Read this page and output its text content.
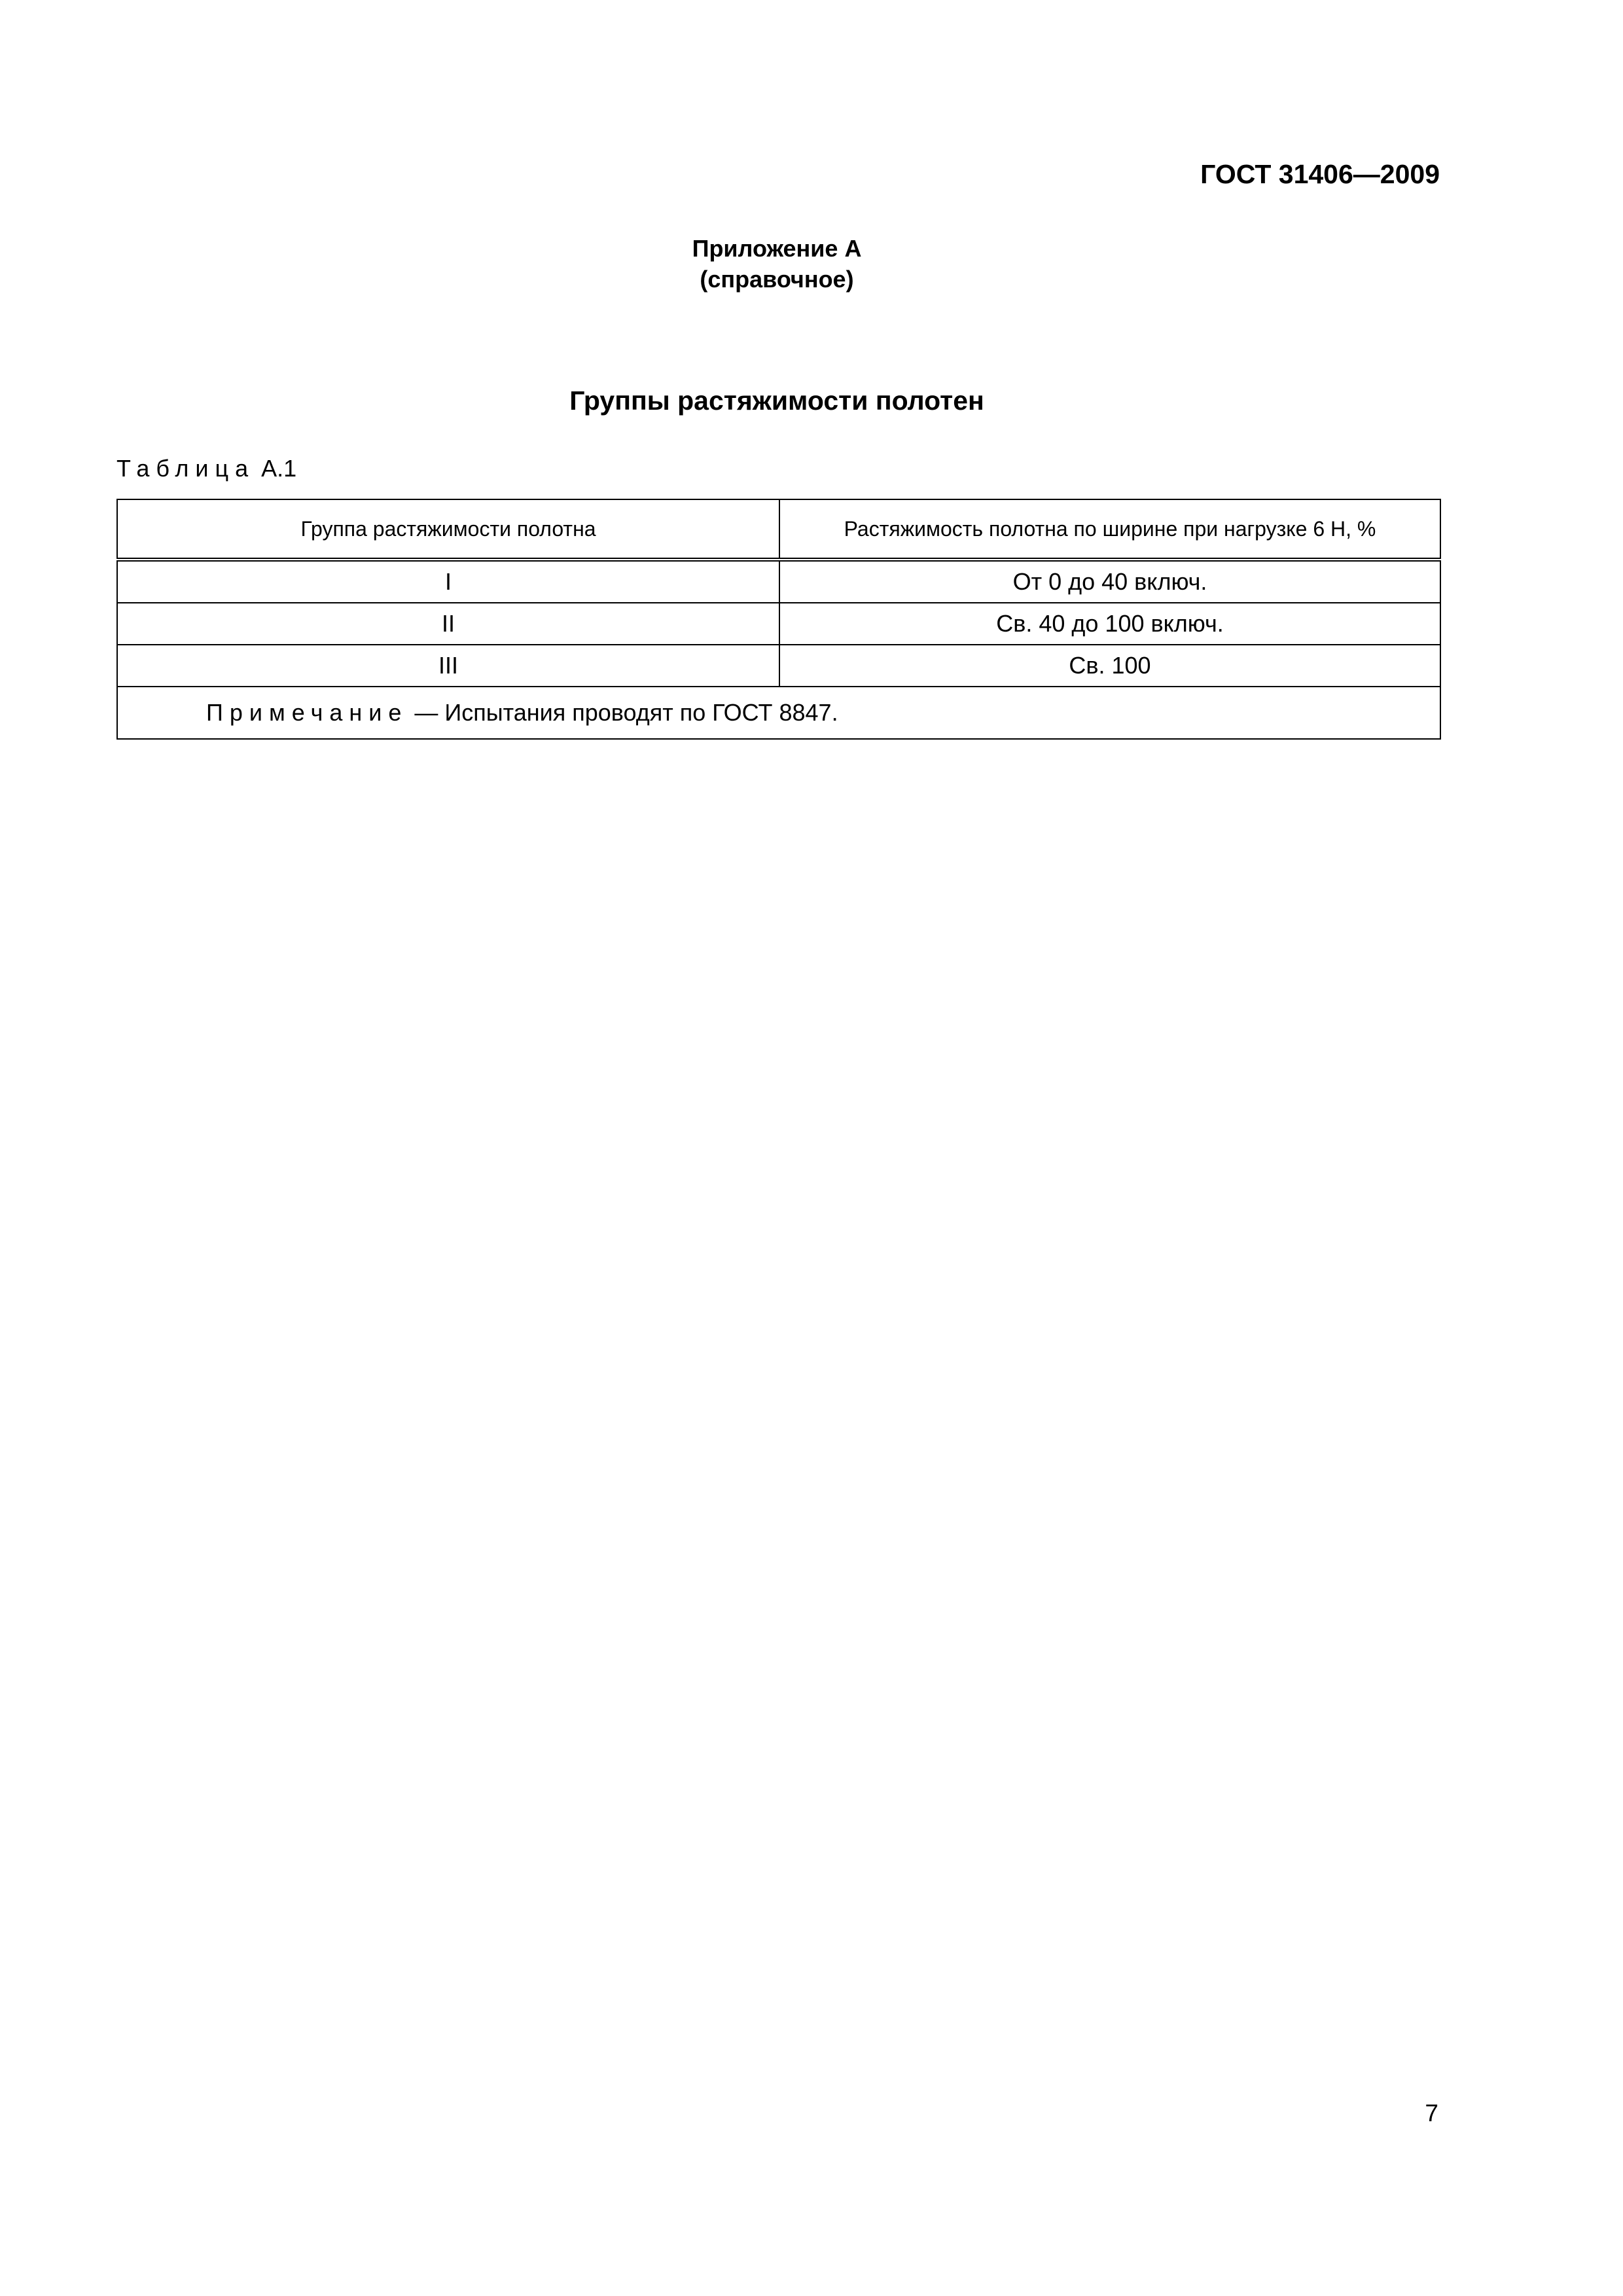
ГОСТ 31406—2009
Приложение А
(справочное)
Группы растяжимости полотен
Таблица А.1
Группа растяжимости полотна	Растяжимость полотна по ширине при нагрузке 6 Н, %
I	От 0 до 40 включ.
II	Св. 40 до 100 включ.
III	Св. 100
Примечание — Испытания проводят по ГОСТ 8847.	
7
